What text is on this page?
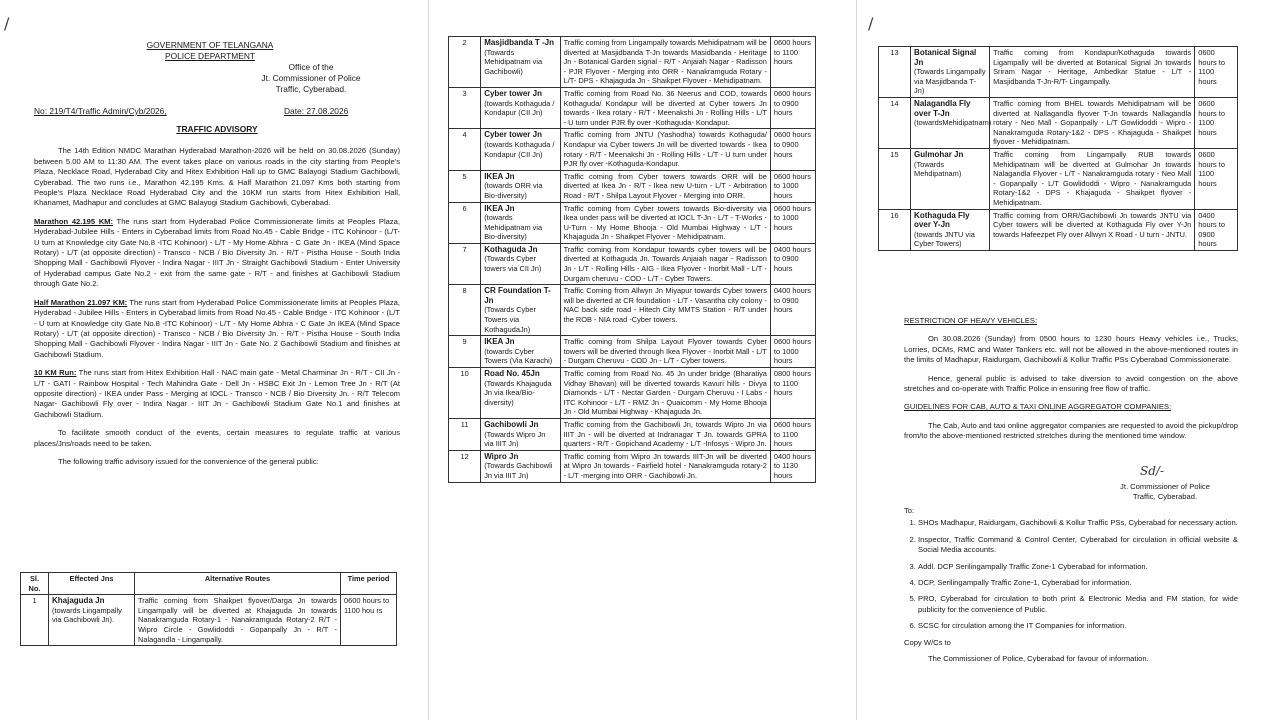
/
GOVERNMENT OF TELANGANA
POLICE DEPARTMENT
Office of the
Jt. Commissioner of Police
Traffic, Cyberabad.
No: 219/T4/Traffic Admin/Cyb/2026,	Date: 27.08.2026
TRAFFIC ADVISORY

The 14th Edition NMDC Marathan Hyderabad Marathon-2026 will be held on 30.08.2026 (Sunday) between 5.00 AM to 11:30 AM. The event takes place on various roads in the city starting from People's Plaza, Necklace Road, Hyderabad City and Hitex Exhibition Hall up to GMC Balayogi Stadium Gachibowli, Cyberabad. The two runs i.e., Marathon 42.195 Kms. & Half Marathon 21.097 Kms both starting from People's Plaza Necklace Road Hyderabad City and the 10KM run starts from Hitex Exhibition Hall, Khanamet, Madhapur and concludes at GMC Balayogi Stadium Gachibowli, Cyberabad.

Marathon 42.195 KM: The runs start from Hyderabad Police Commissionerate limits at Peoples Plaza, Hyderabad-Jubilee Hills - Enters in Cyberabad limits from Road No.45 - Cable Bridge - ITC Kohinoor - (L/T- U turn at Knowledge city Gate No.8 -ITC Kohinoor) - L/T - My Home Abhra - C Gate Jn - IKEA (Mind Space Rotary) - L/T (at opposite direction) - Transco - NCB / Bio Diversity Jn. - R/T - Pistha House - South India Shopping Mall - Gachibowli Flyover - Indira Nagar - IIIT Jn - Straight Gachibowli Stadium - Enter University of Hyderabad campus Gate No.2 - exit from the same gate - R/T - and finishes at Gachibowli Stadium through Gate No.2.

Half Marathon 21.097 KM: The runs start from Hyderabad Police Commissionerate limits at Peoples Plaza, Hyderabad - Jubilee Hills - Enters in Cyberabad limits from Road No.45 - Cable Bridge - ITC Kohinoor - (L/T - U turn at Knowledge city Gate No.8 -ITC Kohinoor) - L/T - My Home Abhra - C Gate Jn IKEA (Mind Space Rotary) - L/T (at opposite direction) - Transco - NCB / Bio Diversity Jn. - R/T - Pistha House - South India Shopping Mall - Gachibowli Flyover - Indira Nagar - IIIT Jn - Gate No. 2 Gachibowli Stadium and finishes at Gachibowli Stadium.

10 KM Run: The runs start from Hitex Exhibition Hall - NAC main gate - Metal Charminar Jn - R/T - CII Jn - L/T - GATI - Rainbow Hospital - Tech Mahindra Gate - Dell Jn - HSBC Exit Jn - Lemon Tree Jn - R/T (At opposite direction) - IKEA under Pass - Merging at IOCL - Transco - NCB / Bio Diversity Jn. - R/T Telecom Nagar- Gachibowli Fly over - Indira Nagar - IIIT Jn - Gachibowli Stadium Gate No.1 and finishes at Gachibowli Stadium.

To facilitate smooth conduct of the events, certain measures to regulate traffic at various places/Jns/roads need to be taken.

The following traffic advisory issued for the convenience of the general public:

Sl. No.	Effected Jns	Alternative Routes	Time period
1	Khajaguda Jn
(towards Lingampally via Gachibowli Jn).	Traffic coming from Shaikpet flyover/Darga Jn towards Lingampally will be diverted at Khajaguda Jn towards Nanakramguda Rotary-1 - Nanakramguda Rotary-2 R/T - Wipro Circle - Gowlidoddi - Gopanpally Jn - R/T - Nalagandla - Lingampally.	0600 hours to 1100 hou rs
2	Masjidbanda T -Jn
(Towards Mehidipatnam via Gachibowli)	Traffic coming from Lingampally towards Mehidipatnam will be diverted at Masjidbanda T-Jn towards Masidbanda - Heritage Jn - Botanical Garden signal - R/T - Anjaiah Nagar - Radisson - PJR Flyover - Merging into ORR - Nanakramguda Rotary - L/T- DPS - Khajaguda Jn - Shaikpet Flyover - Mehidipatnam.	0600 hours to 1100 hours
3	Cyber tower Jn
(towards Kothaguda / Kondapur (CII Jn)	Traffic coming from Road No. 36 Neerus and COD, towards Kothaguda/ Kondapur will be diverted at Cyber towers Jn towards - Ikea rotary - R/T - Meenakshi Jn - Rolling Hills - L/T - U turn under PJR fly over -Kothaguda- Kondapur.	0600 hours to 0900 hours
4	Cyber tower Jn
(towards Kothaguda / Kondapur (CII Jn)	Traffic coming from JNTU (Yashodha) towards Kothaguda/ Kondapur via Cyber towers Jn will be diverted towards - Ikea rotary - R/T - Meenakshi Jn - Rolling Hills - L/T - U turn under PJR fly over -Kothaguda-Kondapur.	0600 hours to 0900 hours
5	IKEA Jn
(towards ORR via Bio-diversity)	Traffic coming from Cyber towers towards ORR will be diverted at Ikea Jn - R/T - Ikea new U-turn - L/T - Arbitration Road - R/T - Shilpa Layout Flyover - Merging into ORR.	0600 hours to 1000 hours
6	IKEA Jn
(towards Mehidipatnam via Bio-diversity)	Traffic coming from Cyber towers towards Bio-diversity via Ikea under pass will be diverted at IOCL T-Jn - L/T - T-Works - U-Turn - My Home Bhooja - Old Mumbai Highway - L/T - Khajaguda Jn - Shaikpet Flyover - Mehidipatnam.	0600 hours to 1000 hours
7	Kothaguda Jn
(Towards Cyber towers via CII Jn)	Traffic coming from Kondapur towards cyber towers will be diverted at Kothaguda Jn. Towards Anjaiah nagar - Radisson Jn - L/T - Rolling Hills - AIG - Ikea Flyover - Inorbit Mall - L/T - Durgam cheruvu - COD - L/T - Cyber Towers.	0400 hours to 0900 hours
8	CR Foundation T-Jn
(Towards Cyber Towers via KothagudaJn)	Traffic Coming from Allwyn Jn Miyapur towards Cyber towers will be diverted at CR foundation - L/T - Vasantha city colony - NAC back side road - Hitech City MMTS Station - R/T under the ROB - NIA road -Cyber towers.	0400 hours to 0900 hours
9	IKEA Jn
(towards Cyber Towers (Via Karachi)	Traffic coming from Shilpa Layout Flyover towards Cyber towers will be diverted through Ikea Flyover - Inorbit Mall - L/T - Durgam Cheruvu - COD Jn - L/T - Cyber towers.	0600 hours to 1000 hours
10	Road No. 45Jn
(Towards Khajaguda Jn via Ikea/Bio-diversity)	Traffic coming from Road No. 45 Jn under bridge (Bharatiya Vidhay Bhavan) will be diverted towards Kavuri hills - Divya Diamonds - L/T - Nectar Garden - Durgam Cheruvu - I Labs - ITC Kohinoor - L/T - RMZ Jn - Quaicomm - My Home Bhooja Jn - Old Mumbai Highway - Khajaguda Jn.	0800 hours to 1100 hours
11	Gachibowli Jn
(Towards Wipro Jn via IIIT Jn)	Traffic coming from the Gachibowli Jn, towards Wipro Jn via IIIT Jn - will be diverted at Indranagar T Jn. towards GPRA quarters - R/T - Gopichand Academy - L/T -Infosys - Wipro Jn.	0600 hours to 1100 hours
12	Wipro Jn
(Towards Gachibowli Jn via IIIT Jn)	Traffic coming from Wipro Jn towards IIIT-Jn will be diverted at Wipro Jn towards - Fairfield hotel - Nanakramguda rotary-2 - L/T -merging into ORR - Gachibowli Jn.	0400 hours to 1130 hours
/
13	Botanical Signal Jn
(Towards Lingampally via Masjidbanda T-Jn)	Traffic coming from Kondapur/Kothaguda towards Ligampally will be diverted at Botanical Signal Jn towards Sriram Nagar - Heritage, Ambedkar Statue - L/T - Masjidbanda T-Jn-R/T- Lingampally.	0600 hours to 1100 hours
14	Nalagandla Fly over T-Jn
(towardsMehidipatnam)	Traffic coming from BHEL towards Mehidipatnam will be diverted at Nallagandla flyover T-Jn towards Nallagandla rotary - Neo Mall - Gopanpally - L/T Gowlidoddi - Wipro - Nanakramguda Rotary-1&2 - DPS - Khajaguda - Shaikpet flyover - Mehidipatnam.	0600 hours to 1100 hours
15	Gulmohar Jn
(Towards Mehdipatnam)	Traffic coming from Lingampally RUB towards Mehidipatnam will be diverted at Gulmohar Jn towards Nalagandla Flyover - L/T - Nanakramguda rotary - Neo Mall - Gopanpally - L/T Gowlidoddi - Wipro - Nanakramguda Rotary-1&2 - DPS - Khajaguda - Shaikpet flyover - Mehidipatnam.	0600 hours to 1100 hours
16	Kothaguda Fly over Y-Jn
(towards JNTU via Cyber Towers)	Traffic coming from ORR/Gachibowli Jn towards JNTU via Cyber towers will be diverted at Kothaguda Fly over Y-Jn towards Hafeezpet Fly over Allwyn X Road - U turn - JNTU.	0400 hours to 0900 hours
RESTRICTION OF HEAVY VEHICLES:

On 30.08.2026 (Sunday) from 0500 hours to 1230 hours Heavy vehicles i.e., Trucks, Lorries, DCMs, RMC and Water Tankers etc. will not be allowed in the above-mentioned routes in the limits of Madhapur, Raidurgam, Gachibowli & Kollur Traffic PSs Cyberabad Commissionerate.

Hence, general public is advised to take diversion to avoid congestion on the above stretches and co-operate with Traffic Police in ensuring free flow of traffic.

GUIDELINES FOR CAB, AUTO & TAXI ONLINE AGGREGATOR COMPANIES:

The Cab, Auto and taxi online aggregator companies are requested to avoid the pickup/drop from/to the above-mentioned restricted stretches during the mentioned time window.

Sd/-
Jt. Commissioner of Police
Traffic, Cyberabad.
To:
1. SHOs Madhapur, Raidurgam, Gachibowli & Kollur Traffic PSs, Cyberabad for necessary action.
2. Inspector, Traffic Command & Control Center, Cyberabad for circulation in official website & Social Media accounts.
3. Addl. DCP Serilingampally Traffic Zone-1 Cyberabad for information.
4. DCP, Serilingampally Traffic Zone-1, Cyberabad for information.
5. PRO, Cyberabad for circulation to both print & Electronic Media and FM station, for wide publicity for the convenience of Public.
6. SCSC for circulation among the IT Companies for information.
Copy W/Cs to
The Commissioner of Police, Cyberabad for favour of information.
